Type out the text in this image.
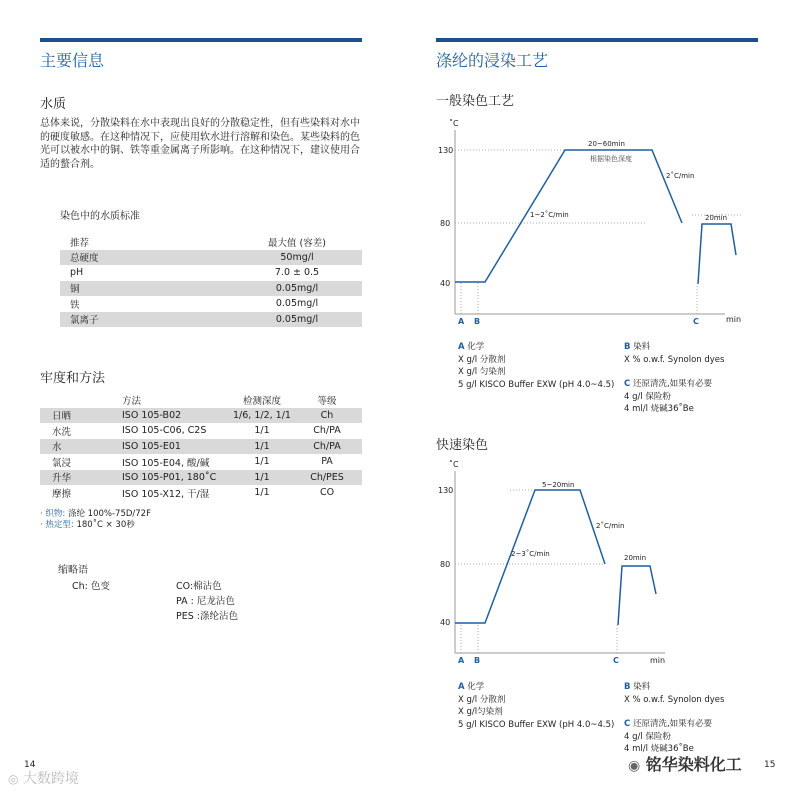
主要信息
水质
总体来说，分散染料在水中表现出良好的分散稳定性，但有些染料对水中的硬度敏感。在这种情况下，应使用软水进行溶解和染色。某些染料的色光可以被水中的铜、铁等重金属离子所影响。在这种情况下，建议使用合适的螯合剂。
染色中的水质标准
推荐	最大值 (容差)
总硬度	50mg/l
pH	7.0 ± 0.5
铜	0.05mg/l
铁	0.05mg/l
氯离子	0.05mg/l
牢度和方法
	方法	检测深度	等级
日晒	ISO 105-B02	1/6, 1/2, 1/1	Ch
水洗	ISO 105-C06, C2S	1/1	Ch/PA
水	ISO 105-E01	1/1	Ch/PA
氯浸	ISO 105-E04, 酸/碱	1/1	PA
升华	ISO 105-P01, 180˚C	1/1	Ch/PES
摩擦	ISO 105-X12, 干/湿	1/1	CO
· 织物: 涤纶 100%-75D/72F
· 热定型: 180˚C × 30秒
缩略语
Ch: 色变	CO:棉沾色
PA : 尼龙沾色
PES :涤纶沾色
14
涤纶的浸染工艺
一般染色工艺
˚C
130
80
40
20~60min
根据染色深度
1~2˚C/min
2˚C/min
20min
A B	C	min
A 化学
X g/l 分散剂
X g/l 匀染剂
5 g/l KISCO Buffer EXW (pH 4.0~4.5)
B 染料
X % o.w.f. Synolon dyes
C 还原清洗,如果有必要
4 g/l 保险粉
4 ml/l 烧碱36˚Be
快速染色
˚C
130
80
40
5~20min
2~3˚C/min
2˚C/min
20min
A B	C	min
A 化学
X g/l 分散剂
X g/l匀染剂
5 g/l KISCO Buffer EXW (pH 4.0~4.5)
B 染料
X % o.w.f. Synolon dyes
C 还原清洗,如果有必要
4 g/l 保险粉
4 ml/l 烧碱36˚Be
15
◎ 大数跨境
◉ 铭华染料化工
